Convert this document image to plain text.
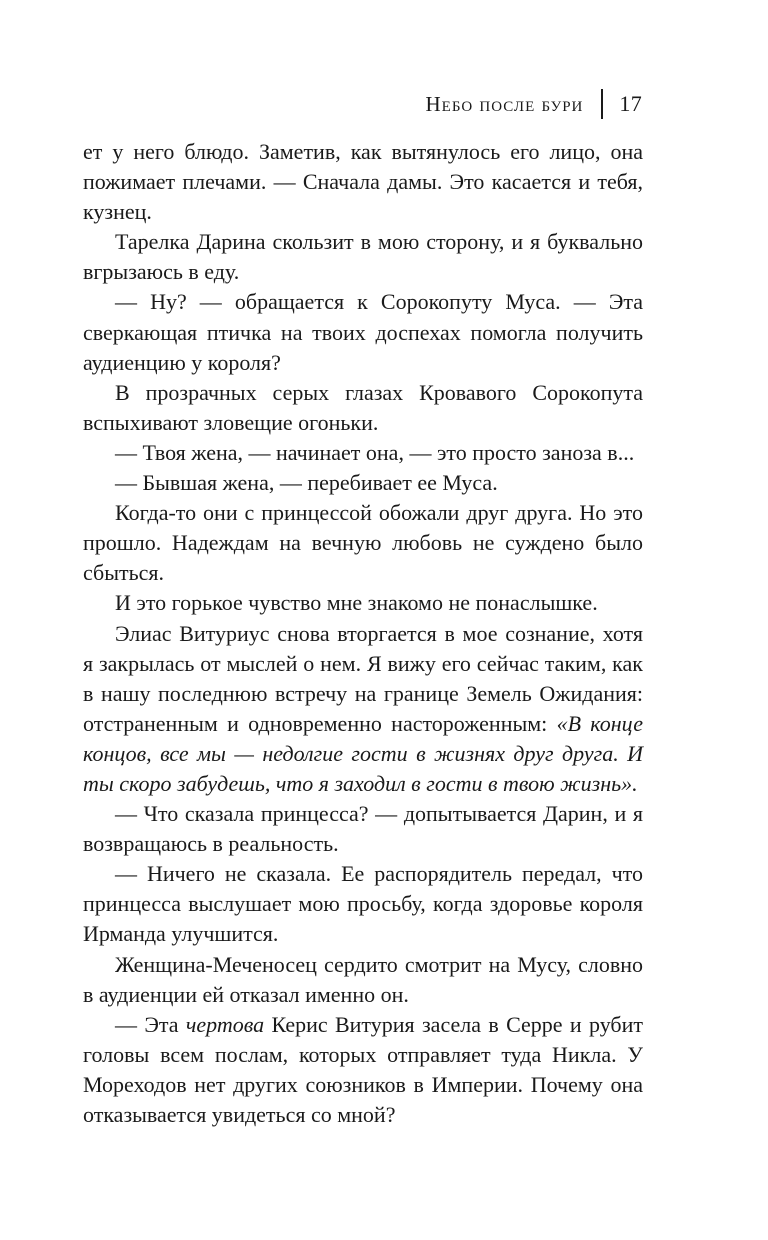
Небо после бури 17

ет у него блюдо. Заметив, как вытянулось его лицо, она пожимает плечами. — Сначала дамы. Это касается и тебя, кузнец.

Тарелка Дарина скользит в мою сторону, и я буквально вгрызаюсь в еду.

— Ну? — обращается к Сорокопуту Муса. — Эта сверкающая птичка на твоих доспехах помогла получить аудиенцию у короля?

В прозрачных серых глазах Кровавого Сорокопута вспыхивают зловещие огоньки.

— Твоя жена, — начинает она, — это просто заноза в...

— Бывшая жена, — перебивает ее Муса.

Когда-то они с принцессой обожали друг друга. Но это прошло. Надеждам на вечную любовь не суждено было сбыться.

И это горькое чувство мне знакомо не понаслышке.

Элиас Витуриус снова вторгается в мое сознание, хотя я закрылась от мыслей о нем. Я вижу его сейчас таким, как в нашу последнюю встречу на границе Земель Ожидания: отстраненным и одновременно настороженным: «В конце концов, все мы — недолгие гости в жизнях друг друга. И ты скоро забудешь, что я заходил в гости в твою жизнь».

— Что сказала принцесса? — допытывается Дарин, и я возвращаюсь в реальность.

— Ничего не сказала. Ее распорядитель передал, что принцесса выслушает мою просьбу, когда здоровье короля Ирманда улучшится.

Женщина-Меченосец сердито смотрит на Мусу, словно в аудиенции ей отказал именно он.

— Эта чертова Керис Витурия засела в Серре и рубит головы всем послам, которых отправляет туда Никла. У Мореходов нет других союзников в Империи. Почему она отказывается увидеться со мной?
